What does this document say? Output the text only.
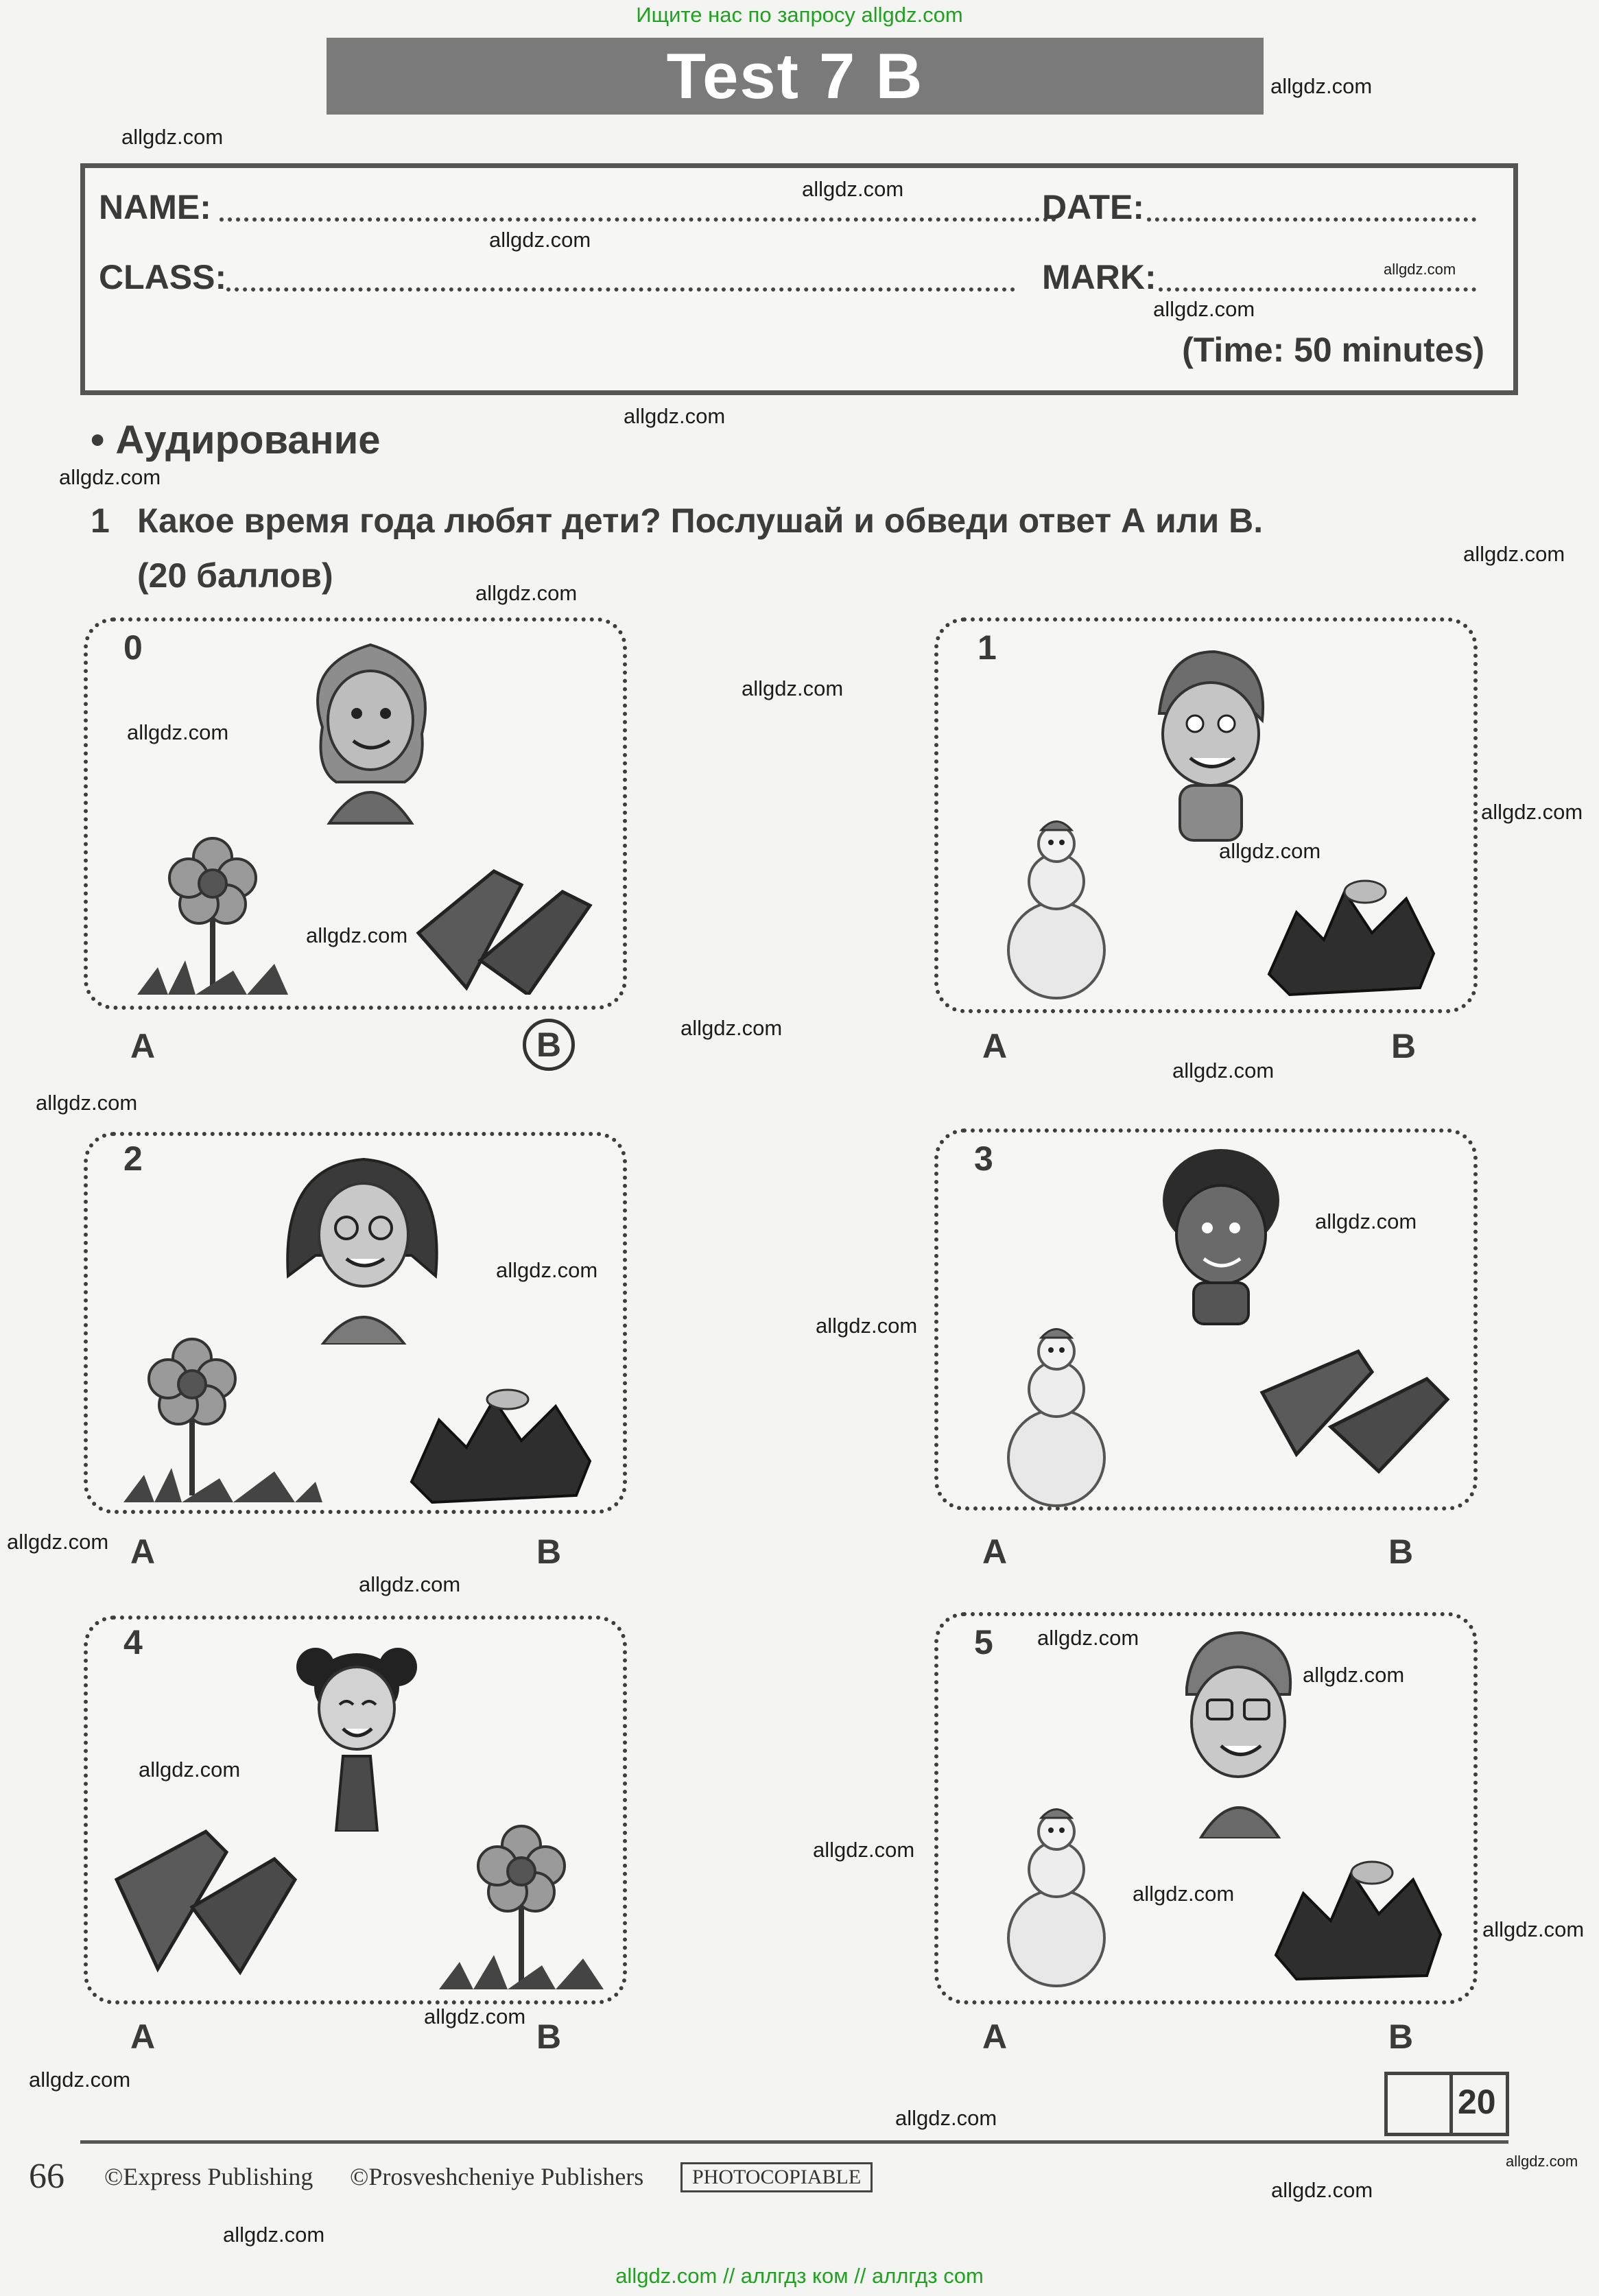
Ищите нас по запросу allgdz.com
Test 7 B
NAME:	DATE:
CLASS:	MARK:
(Time: 50 minutes)
• Аудирование
1 Какое время года любят дети? Послушай и обведи ответ А или В.
(20 баллов)
0	1
2	3
4	5
A	B	A	B
A	B	A	B
A	B	A	B
20
66 ©Express Publishing ©Prosveshcheniye Publishers	PHOTOCOPIABLE
allgdz.com
allgdz.com
allgdz.com
allgdz.com
allgdz.com
allgdz.com
allgdz.com
allgdz.com
allgdz.com
allgdz.com
allgdz.com
allgdz.com
allgdz.com
allgdz.com
allgdz.com
allgdz.com
allgdz.com
allgdz.com
allgdz.com
allgdz.com
allgdz.com
allgdz.com
allgdz.com
allgdz.com
allgdz.com
allgdz.com
allgdz.com
allgdz.com
allgdz.com
allgdz.com
allgdz.com
allgdz.com
allgdz.com
allgdz.com
allgdz.com
allgdz.com // аллгдз ком // аллгдз com
